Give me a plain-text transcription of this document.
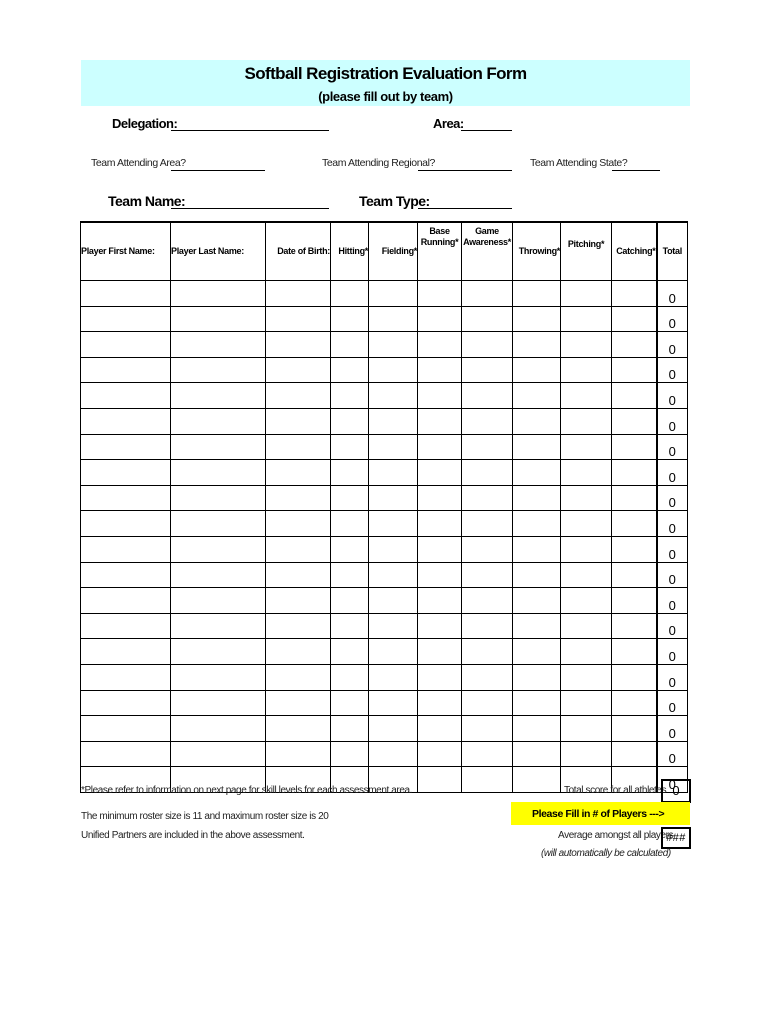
Softball Registration Evaluation Form
(please fill out by team)
Delegation:	Area:
Team Attending Area?	Team Attending Regional?	Team Attending State?
Team Name:	Team Type:
Player First Name:	Player Last Name:	Date of Birth:	Hitting*	Fielding*	Base Running*	Game Awareness*	Throwing*	Pitching*	Catching*	Total
										0
										0
										0
										0
										0
										0
										0
										0
										0
										0
										0
										0
										0
										0
										0
										0
										0
										0
										0
										0
*Please refer to information on next page for skill levels for each assessment area.	Total score for all athletes 0
The minimum roster size is 11 and maximum roster size is 20	Please Fill in # of Players --->
Unified Partners are included in the above assessment.	Average amongst all players
###
(will automatically be calculated)
